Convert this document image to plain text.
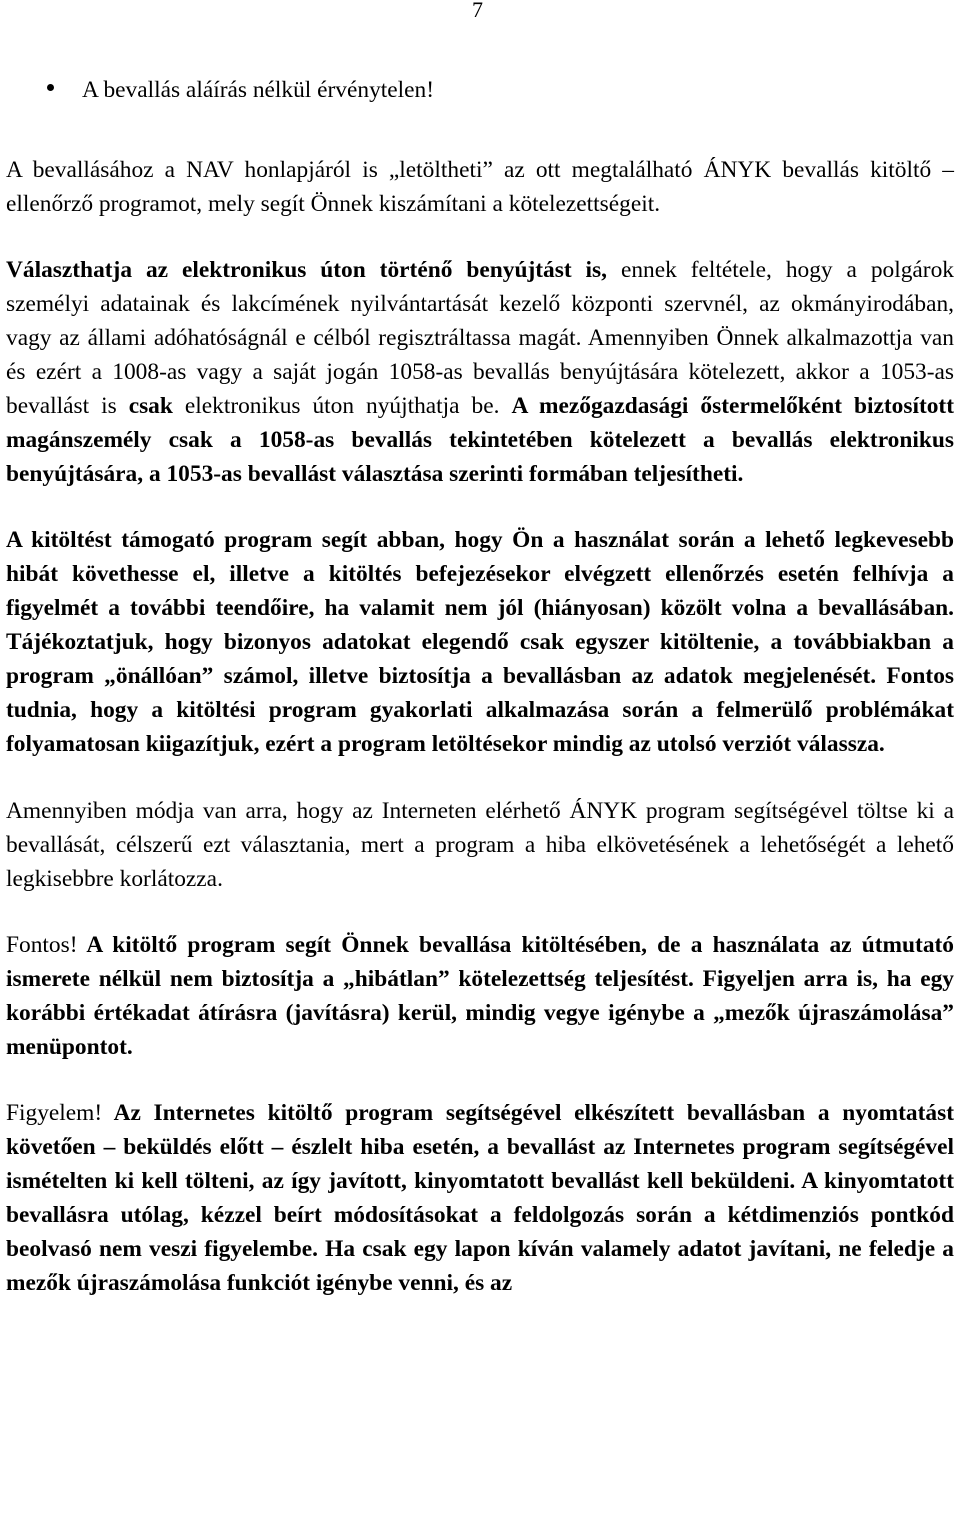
7
A bevallás aláírás nélkül érvénytelen!

A bevallásához a NAV honlapjáról is „letöltheti” az ott megtalálható ÁNYK bevallás kitöltő – ellenőrző programot, mely segít Önnek kiszámítani a kötelezettségeit.

Választhatja az elektronikus úton történő benyújtást is, ennek feltétele, hogy a polgárok személyi adatainak és lakcímének nyilvántartását kezelő központi szervnél, az okmányirodában, vagy az állami adóhatóságnál e célból regisztráltassa magát. Amennyiben Önnek alkalmazottja van és ezért a 1008-as vagy a saját jogán 1058-as bevallás benyújtására kötelezett, akkor a 1053-as bevallást is csak elektronikus úton nyújthatja be. A mezőgazdasági őstermelőként biztosított magánszemély csak a 1058-as bevallás tekintetében kötelezett a bevallás elektronikus benyújtására, a 1053-as bevallást választása szerinti formában teljesítheti.

A kitöltést támogató program segít abban, hogy Ön a használat során a lehető legkevesebb hibát követhesse el, illetve a kitöltés befejezésekor elvégzett ellenőrzés esetén felhívja a figyelmét a további teendőire, ha valamit nem jól (hiányosan) közölt volna a bevallásában. Tájékoztatjuk, hogy bizonyos adatokat elegendő csak egyszer kitöltenie, a továbbiakban a program „önállóan” számol, illetve biztosítja a bevallásban az adatok megjelenését. Fontos tudnia, hogy a kitöltési program gyakorlati alkalmazása során a felmerülő problémákat folyamatosan kiigazítjuk, ezért a program letöltésekor mindig az utolsó verziót válassza.

Amennyiben módja van arra, hogy az Interneten elérhető ÁNYK program segítségével töltse ki a bevallását, célszerű ezt választania, mert a program a hiba elkövetésének a lehetőségét a lehető legkisebbre korlátozza.

Fontos! A kitöltő program segít Önnek bevallása kitöltésében, de a használata az útmutató ismerete nélkül nem biztosítja a „hibátlan” kötelezettség teljesítést. Figyeljen arra is, ha egy korábbi értékadat átírásra (javításra) kerül, mindig vegye igénybe a „mezők újraszámolása” menüpontot.

Figyelem! Az Internetes kitöltő program segítségével elkészített bevallásban a nyomtatást követően – beküldés előtt – észlelt hiba esetén, a bevallást az Internetes program segítségével ismételten ki kell tölteni, az így javított, kinyomtatott bevallást kell beküldeni. A kinyomtatott bevallásra utólag, kézzel beírt módosításokat a feldolgozás során a kétdimenziós pontkód beolvasó nem veszi figyelembe. Ha csak egy lapon kíván valamely adatot javítani, ne feledje a mezők újraszámolása funkciót igénybe venni, és az
